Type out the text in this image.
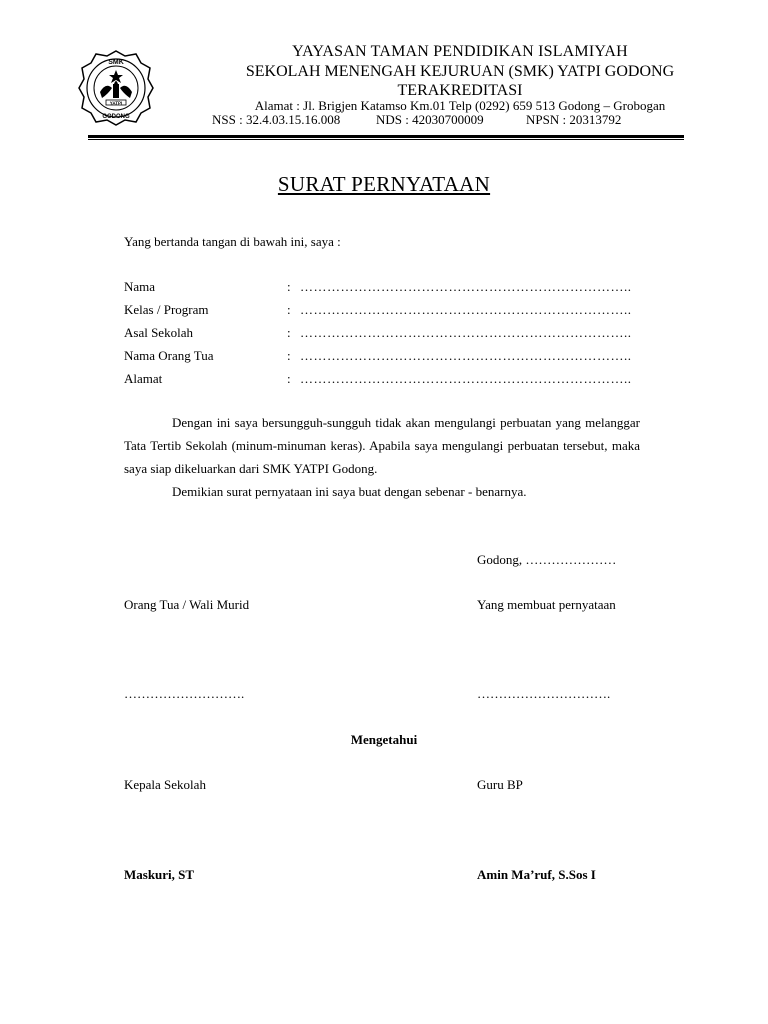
SMK
YATPI
GODONG
YAYASAN TAMAN PENDIDIKAN ISLAMIYAH
SEKOLAH MENENGAH KEJURUAN (SMK) YATPI GODONG
TERAKREDITASI
Alamat : Jl. Brigjen Katamso Km.01 Telp (0292) 659 513 Godong – Grobogan
NSS : 32.4.03.15.16.008	NDS : 42030700009	NPSN : 20313792
SURAT PERNYATAAN
Yang bertanda tangan di bawah ini, saya :
Nama	: ………………………………………………………………..
Kelas / Program	: ………………………………………………………………..
Asal Sekolah	: ………………………………………………………………..
Nama Orang Tua	: ………………………………………………………………..
Alamat	: ………………………………………………………………..

Dengan ini saya bersungguh-sungguh tidak akan mengulangi perbuatan yang melanggar Tata Tertib Sekolah (minum-minuman keras). Apabila saya mengulangi perbuatan tersebut, maka saya siap dikeluarkan dari SMK YATPI Godong.

Demikian surat pernyataan ini saya buat dengan sebenar - benarnya.

Godong, …………………
Orang Tua / Wali Murid	Yang membuat pernyataan
……………………….	………………………….
Mengetahui
Kepala Sekolah	Guru BP
Maskuri, ST	Amin Ma’ruf, S.Sos I
